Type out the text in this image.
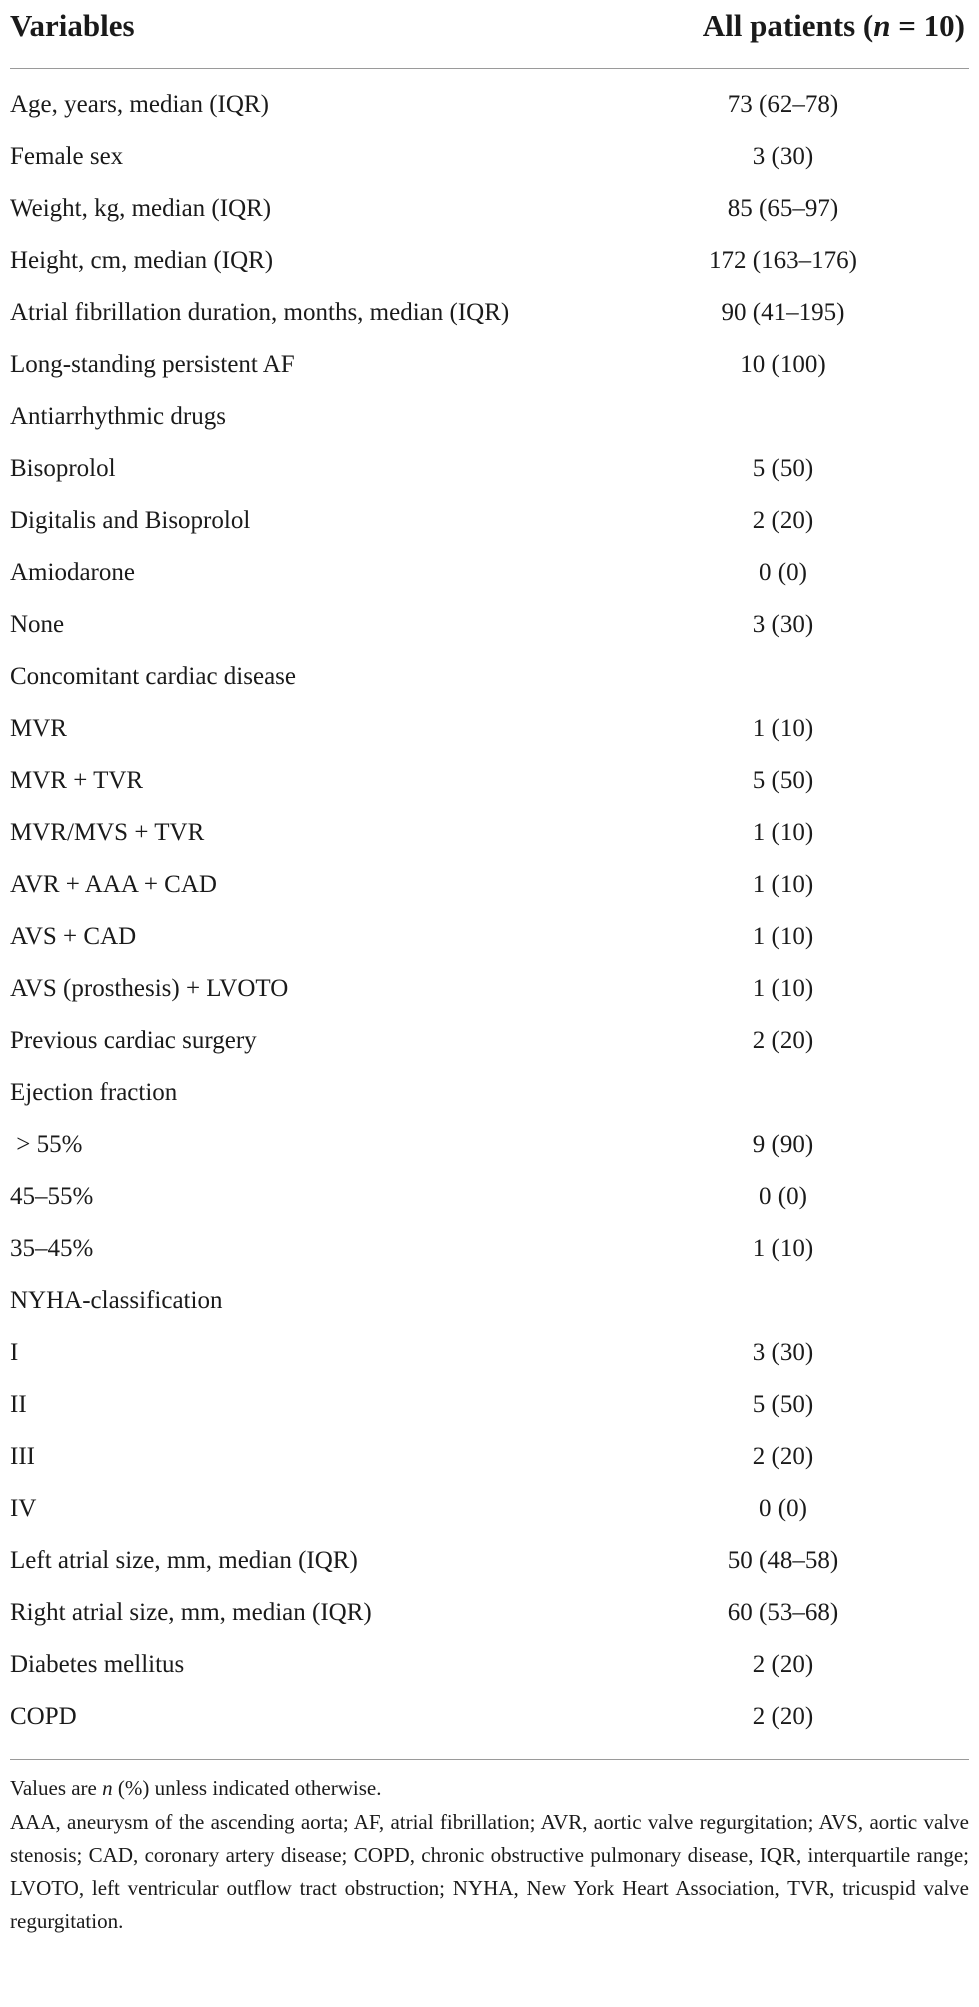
Variables	All patients (n = 10)
Age, years, median (IQR)	73 (62–78)
Female sex	3 (30)
Weight, kg, median (IQR)	85 (65–97)
Height, cm, median (IQR)	172 (163–176)
Atrial fibrillation duration, months, median (IQR)	90 (41–195)
Long-standing persistent AF	10 (100)
Antiarrhythmic drugs
Bisoprolol	5 (50)
Digitalis and Bisoprolol	2 (20)
Amiodarone	0 (0)
None	3 (30)
Concomitant cardiac disease
MVR	1 (10)
MVR + TVR	5 (50)
MVR/MVS + TVR	1 (10)
AVR + AAA + CAD	1 (10)
AVS + CAD	1 (10)
AVS (prosthesis) + LVOTO	1 (10)
Previous cardiac surgery	2 (20)
Ejection fraction
> 55%	9 (90)
45–55%	0 (0)
35–45%	1 (10)
NYHA-classification
I	3 (30)
II	5 (50)
III	2 (20)
IV	0 (0)
Left atrial size, mm, median (IQR)	50 (48–58)
Right atrial size, mm, median (IQR)	60 (53–68)
Diabetes mellitus	2 (20)
COPD	2 (20)

Values are n (%) unless indicated otherwise.

AAA, aneurysm of the ascending aorta; AF, atrial fibrillation; AVR, aortic valve regurgitation; AVS, aortic valve stenosis; CAD, coronary artery disease; COPD, chronic obstructive pulmonary disease, IQR, interquartile range; LVOTO, left ventricular outflow tract obstruction; NYHA, New York Heart Association, TVR, tricuspid valve regurgitation.
